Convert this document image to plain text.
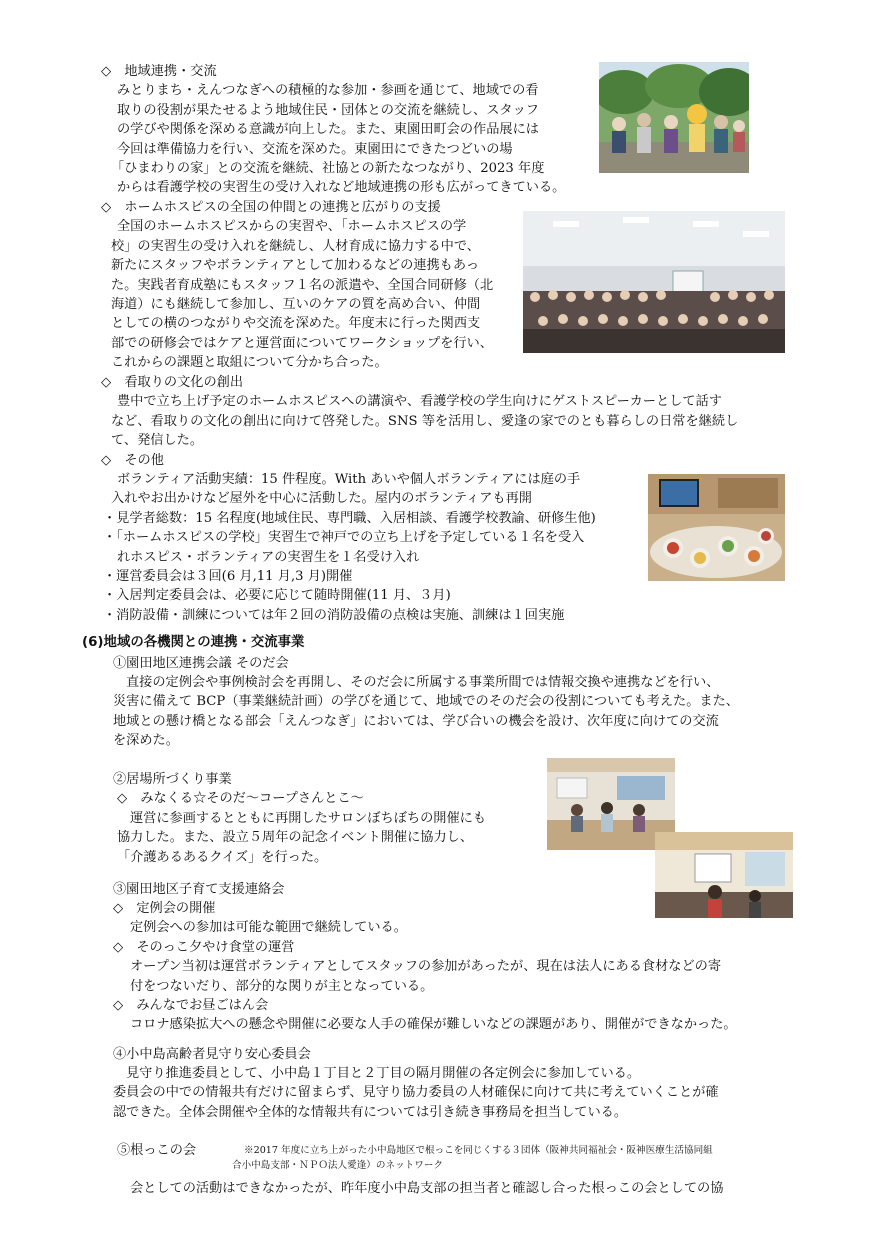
◇　地域連携・交流
みとりまち・えんつなぎへの積極的な参加・参画を通じて、地域での看
取りの役割が果たせるよう地域住民・団体との交流を継続し、スタッフ
の学びや関係を深める意識が向上した。また、東園田町会の作品展には
今回は準備協力を行い、交流を深めた。東園田にできたつどいの場
「ひまわりの家」との交流を継続、社協との新たなつながり、2023 年度
からは看護学校の実習生の受け入れなど地域連携の形も広がってきている。
◇　ホームホスピスの全国の仲間との連携と広がりの支援
全国のホームホスピスからの実習や、「ホームホスピスの学
校」の実習生の受け入れを継続し、人材育成に協力する中で、
新たにスタッフやボランティアとして加わるなどの連携もあっ
た。実践者育成塾にもスタッフ１名の派遣や、全国合同研修（北
海道）にも継続して参加し、互いのケアの質を高め合い、仲間
としての横のつながりや交流を深めた。年度末に行った関西支
部での研修会ではケアと運営面についてワークショップを行い、
これからの課題と取組について分かち合った。
◇　看取りの文化の創出
豊中で立ち上げ予定のホームホスピスへの講演や、看護学校の学生向けにゲストスピーカーとして話す
など、看取りの文化の創出に向けて啓発した。SNS 等を活用し、愛逢の家でのとも暮らしの日常を継続し
て、発信した。
◇　その他
ボランティア活動実績：15 件程度。With あいや個人ボランティアには庭の手
入れやお出かけなど屋外を中心に活動した。屋内のボランティアも再開
・見学者総数：15 名程度(地域住民、専門職、入居相談、看護学校教諭、研修生他)
・「ホームホスピスの学校」実習生で神戸での立ち上げを予定している１名を受入
れホスピス・ボランティアの実習生を１名受け入れ
・運営委員会は３回(6 月,11 月,3 月)開催
・入居判定委員会は、必要に応じて随時開催(11 月、３月)
・消防設備・訓練については年２回の消防設備の点検は実施、訓練は１回実施
(6)地域の各機関との連携・交流事業
①園田地区連携会議 そのだ会
直接の定例会や事例検討会を再開し、そのだ会に所属する事業所間では情報交換や連携などを行い、
災害に備えて BCP（事業継続計画）の学びを通じて、地域でのそのだ会の役割についても考えた。また、
地域との懸け橋となる部会「えんつなぎ」においては、学び合いの機会を設け、次年度に向けての交流
を深めた。
②居場所づくり事業
◇　みなくる☆そのだ～コープさんとこ～
運営に参画するとともに再開したサロンぼちぼちの開催にも
協力した。また、設立５周年の記念イベント開催に協力し、
「介護あるあるクイズ」を行った。
③園田地区子育て支援連絡会
◇　定例会の開催
定例会への参加は可能な範囲で継続している。
◇　そのっこ夕やけ食堂の運営
オープン当初は運営ボランティアとしてスタッフの参加があったが、現在は法人にある食材などの寄
付をつないだり、部分的な関りが主となっている。
◇　みんなでお昼ごはん会
コロナ感染拡大への懸念や開催に必要な人手の確保が難しいなどの課題があり、開催ができなかった。
④小中島高齢者見守り安心委員会
見守り推進委員として、小中島１丁目と２丁目の隔月開催の各定例会に参加している。
委員会の中での情報共有だけに留まらず、見守り協力委員の人材確保に向けて共に考えていくことが確
認できた。全体会開催や全体的な情報共有については引き続き事務局を担当している。
⑤根っこの会	※2017 年度に立ち上がった小中島地区で根っこを同じくする３団体（阪神共同福祉会・阪神医療生活協同組
合小中島支部・ＮＰＯ法人愛逢）のネットワーク
会としての活動はできなかったが、昨年度小中島支部の担当者と確認し合った根っこの会としての協
